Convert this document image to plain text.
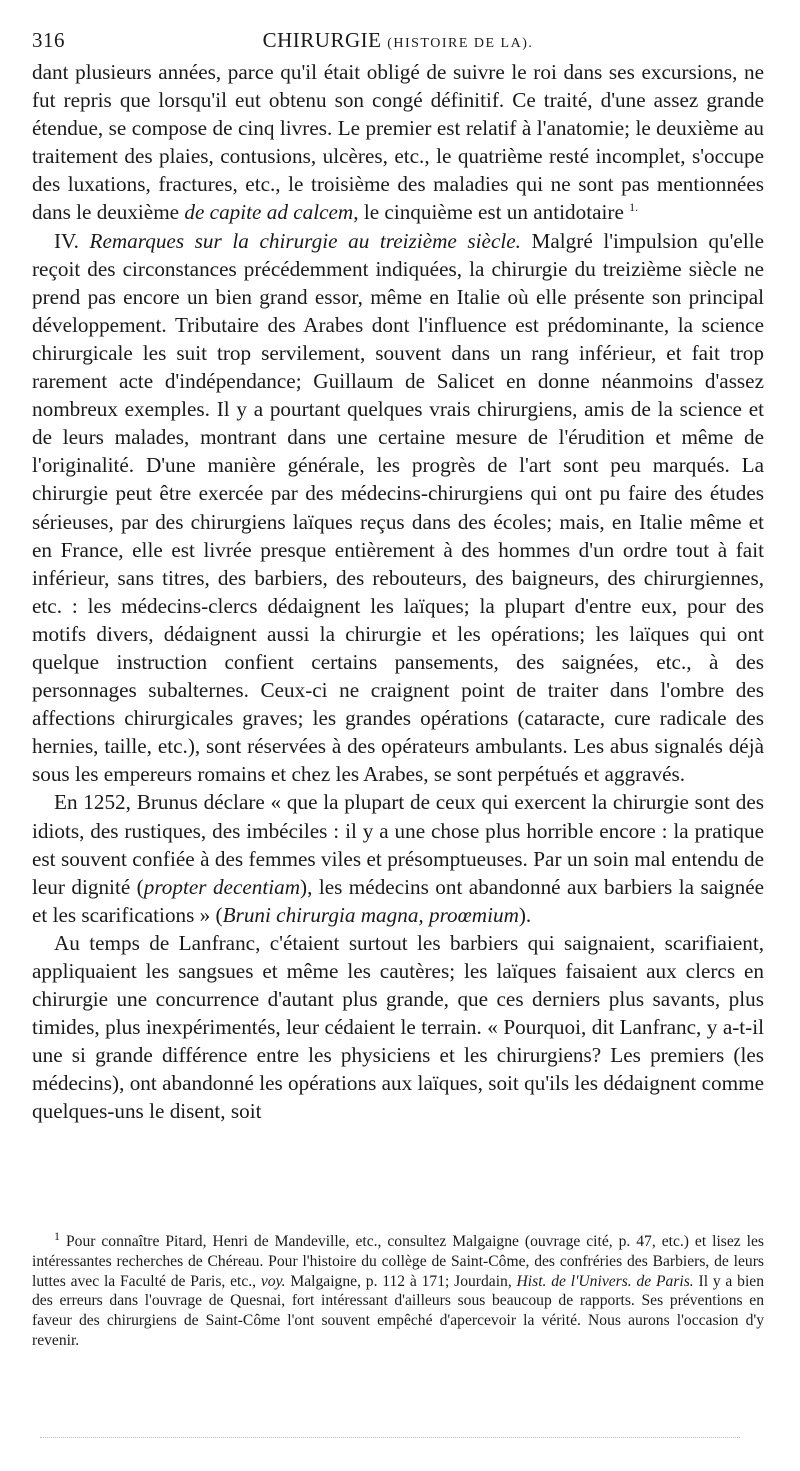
316	CHIRURGIE (HISTOIRE DE LA).

dant plusieurs années, parce qu'il était obligé de suivre le roi dans ses excursions, ne fut repris que lorsqu'il eut obtenu son congé définitif. Ce traité, d'une assez grande étendue, se compose de cinq livres. Le premier est relatif à l'anatomie; le deuxième au traitement des plaies, contusions, ulcères, etc., le quatrième resté incomplet, s'occupe des luxations, fractures, etc., le troisième des maladies qui ne sont pas mentionnées dans le deuxième de capite ad calcem, le cinquième est un antidotaire $^{1.}$

IV. Remarques sur la chirurgie au treizième siècle. Malgré l'impulsion qu'elle reçoit des circonstances précédemment indiquées, la chirurgie du treizième siècle ne prend pas encore un bien grand essor, même en Italie où elle présente son principal développement. Tributaire des Arabes dont l'influence est prédominante, la science chirurgicale les suit trop servilement, souvent dans un rang inférieur, et fait trop rarement acte d'indépendance; Guillaum de Salicet en donne néanmoins d'assez nombreux exemples. Il y a pourtant quelques vrais chirurgiens, amis de la science et de leurs malades, montrant dans une certaine mesure de l'érudition et même de l'originalité. D'une manière générale, les progrès de l'art sont peu marqués. La chirurgie peut être exercée par des médecins-chirurgiens qui ont pu faire des études sérieuses, par des chirurgiens laïques reçus dans des écoles; mais, en Italie même et en France, elle est livrée presque entièrement à des hommes d'un ordre tout à fait inférieur, sans titres, des barbiers, des rebouteurs, des baigneurs, des chirurgiennes, etc. : les médecins-clercs dédaignent les laïques; la plupart d'entre eux, pour des motifs divers, dédaignent aussi la chirurgie et les opérations; les laïques qui ont quelque instruction confient certains pansements, des saignées, etc., à des personnages subalternes. Ceux-ci ne craignent point de traiter dans l'ombre des affections chirurgicales graves; les grandes opérations (cataracte, cure radicale des hernies, taille, etc.), sont réservées à des opérateurs ambulants. Les abus signalés déjà sous les empereurs romains et chez les Arabes, se sont perpétués et aggravés.

En 1252, Brunus déclare « que la plupart de ceux qui exercent la chirurgie sont des idiots, des rustiques, des imbéciles : il y a une chose plus horrible encore : la pratique est souvent confiée à des femmes viles et présomptueuses. Par un soin mal entendu de leur dignité (propter decentiam), les médecins ont abandonné aux barbiers la saignée et les scarifications » (Bruni chirurgia magna, proœmium).

Au temps de Lanfranc, c'étaient surtout les barbiers qui saignaient, scarifiaient, appliquaient les sangsues et même les cautères; les laïques faisaient aux clercs en chirurgie une concurrence d'autant plus grande, que ces derniers plus savants, plus timides, plus inexpérimentés, leur cédaient le terrain. « Pourquoi, dit Lanfranc, y a-t-il une si grande différence entre les physiciens et les chirurgiens? Les premiers (les médecins), ont abandonné les opérations aux laïques, soit qu'ils les dédaignent comme quelques-uns le disent, soit

$^1$ Pour connaître Pitard, Henri de Mandeville, etc., consultez Malgaigne (ouvrage cité, p. 47, etc.) et lisez les intéressantes recherches de Chéreau. Pour l'histoire du collège de Saint-Côme, des confréries des Barbiers, de leurs luttes avec la Faculté de Paris, etc., voy. Malgaigne, p. 112 à 171; Jourdain, Hist. de l'Univers. de Paris. Il y a bien des erreurs dans l'ouvrage de Quesnai, fort intéressant d'ailleurs sous beaucoup de rapports. Ses préventions en faveur des chirurgiens de Saint-Côme l'ont souvent empêché d'apercevoir la vérité. Nous aurons l'occasion d'y revenir.
